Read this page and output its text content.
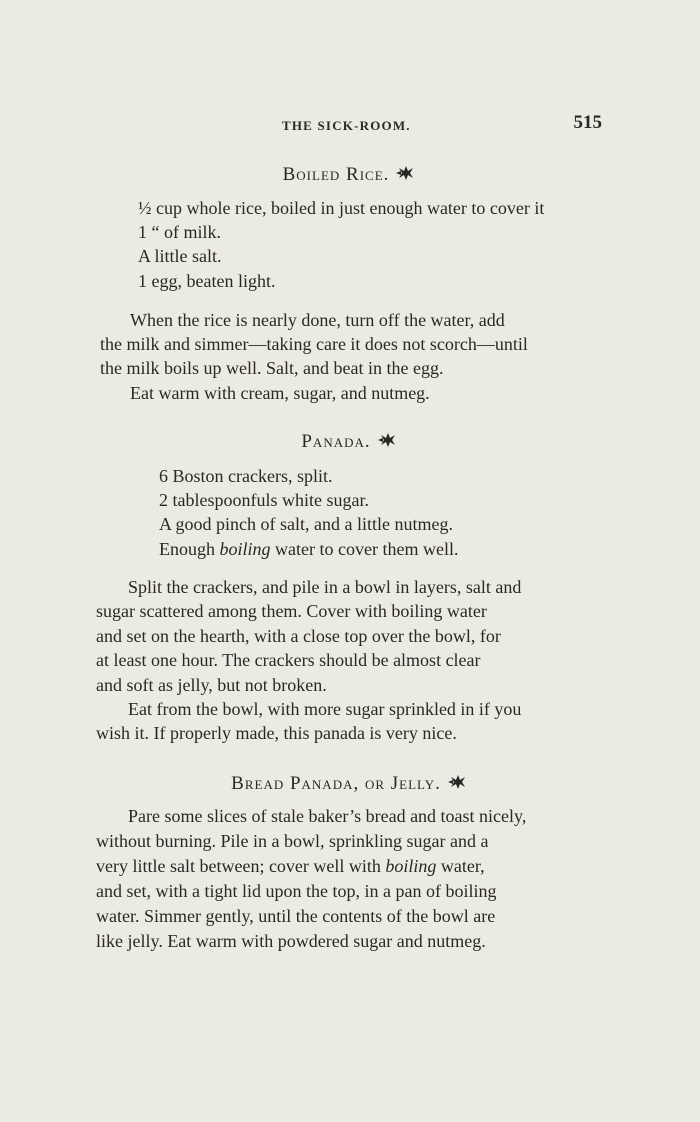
THE SICK-ROOM.	515
Boiled Rice.
½ cup whole rice, boiled in just enough water to cover it
1 “ of milk.
A little salt.
1 egg, beaten light.
When the rice is nearly done, turn off the water, add
the milk and simmer—taking care it does not scorch—until
the milk boils up well. Salt, and beat in the egg.
Eat warm with cream, sugar, and nutmeg.
Panada.
6 Boston crackers, split.
2 tablespoonfuls white sugar.
A good pinch of salt, and a little nutmeg.
Enough boiling water to cover them well.
Split the crackers, and pile in a bowl in layers, salt and
sugar scattered among them. Cover with boiling water
and set on the hearth, with a close top over the bowl, for
at least one hour. The crackers should be almost clear
and soft as jelly, but not broken.
Eat from the bowl, with more sugar sprinkled in if you
wish it. If properly made, this panada is very nice.
Bread Panada, or Jelly.
Pare some slices of stale baker’s bread and toast nicely,
without burning. Pile in a bowl, sprinkling sugar and a
very little salt between; cover well with boiling water,
and set, with a tight lid upon the top, in a pan of boiling
water. Simmer gently, until the contents of the bowl are
like jelly. Eat warm with powdered sugar and nutmeg.
